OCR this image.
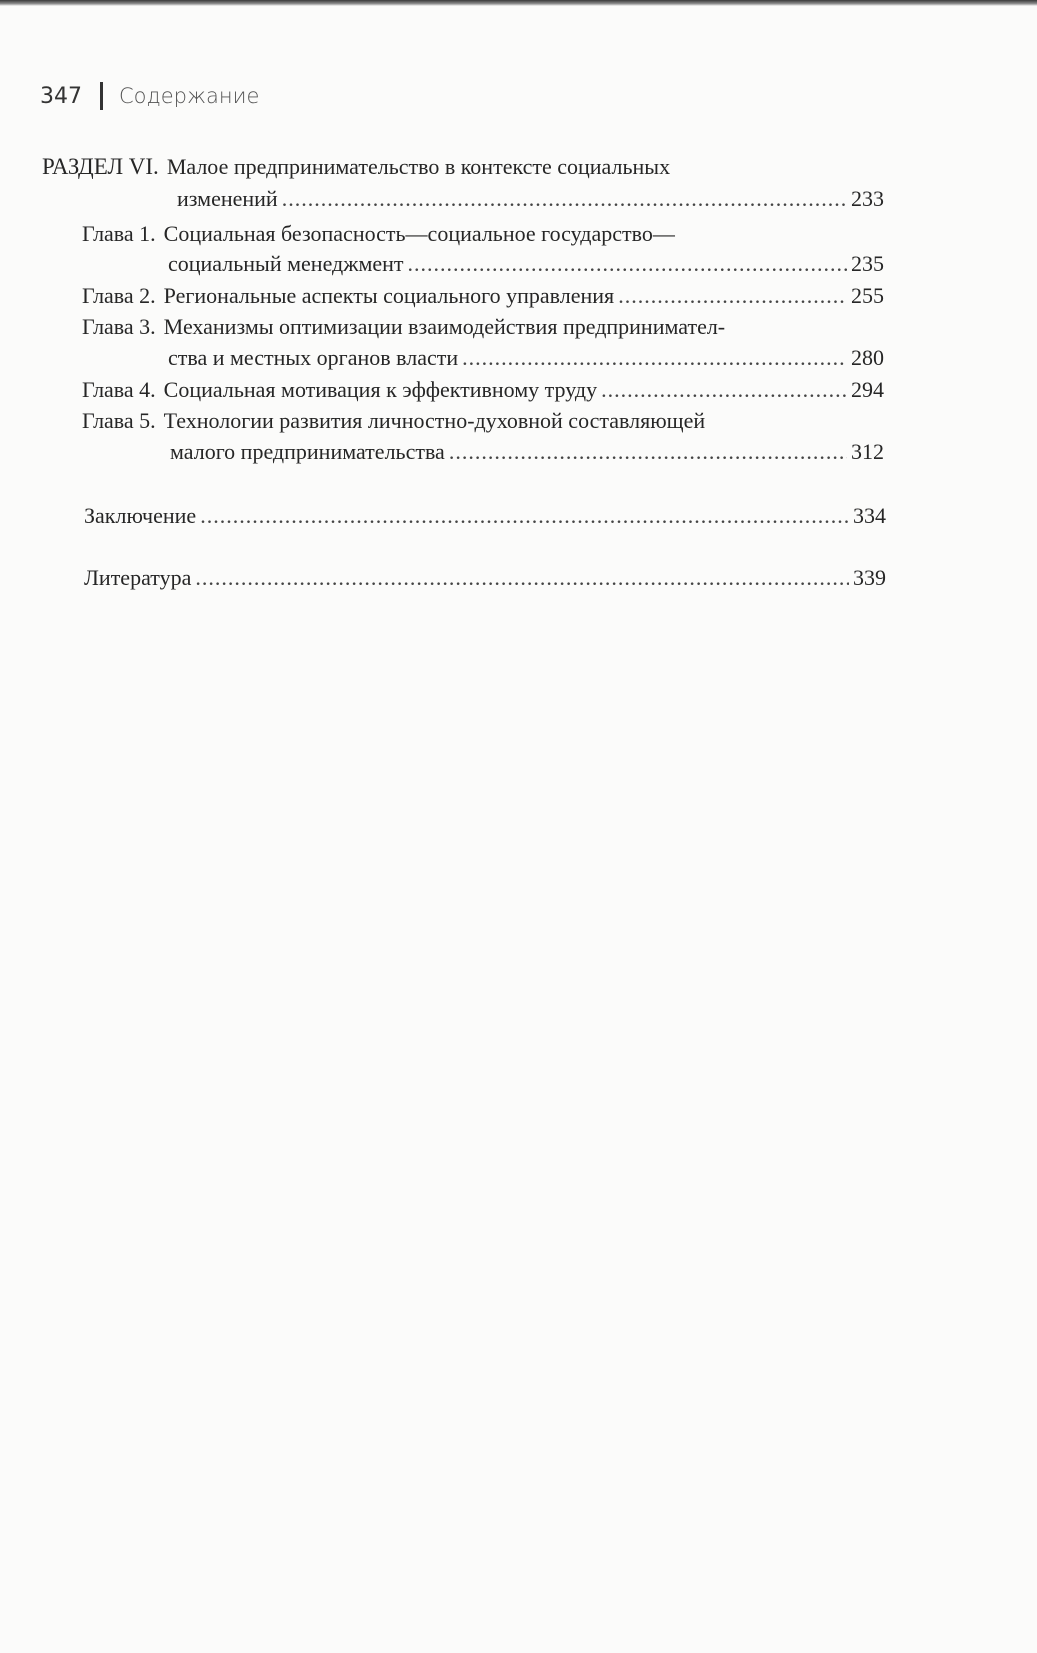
347 Содержание
РАЗДЕЛ VI. Малое предпринимательство в контексте социальных
изменений .....	233
Глава 1. Социальная безопасность—социальное государство—
социальный менеджмент .....	235
Глава 2. Региональные аспекты социального управления .....	255
Глава 3. Механизмы оптимизации взаимодействия предпринимател-
ства и местных органов власти .....	280
Глава 4. Социальная мотивация к эффективному труду .....	294
Глава 5. Технологии развития личностно-духовной составляющей
малого предпринимательства .....	312
Заключение .....	334
Литература .....	339
